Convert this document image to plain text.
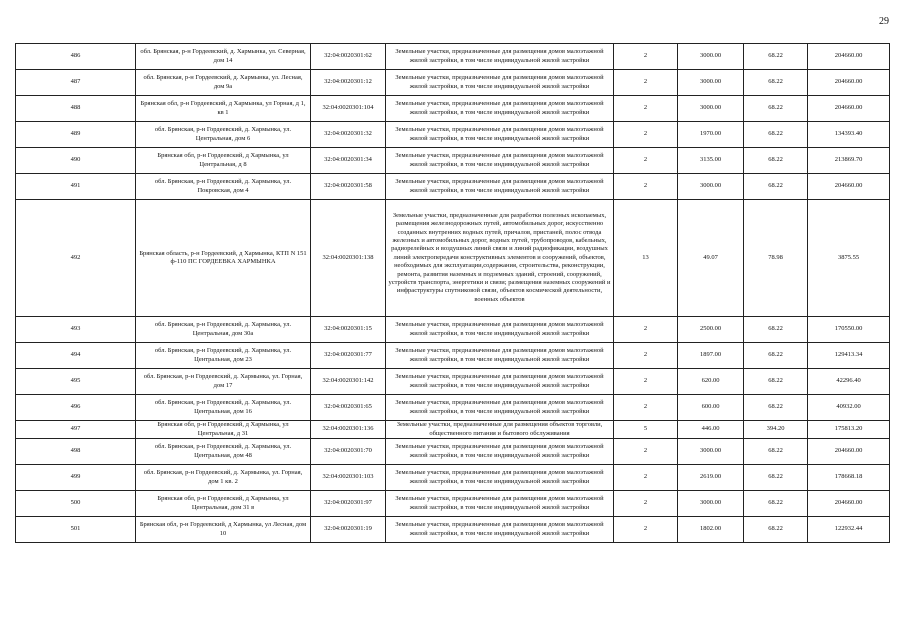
29
486	обл. Брянская, р-н Гордеевский, д. Хармынка, ул. Северная, дом 14	32:04:0020301:62	Земельные участки, предназначенные для размещения домов малоэтажной жилой застройки, в том числе индивидуальной жилой застройки	2	3000.00	68.22	204660.00
487	обл. Брянская, р-н Гордеевский, д. Хармынка, ул. Лесная, дом 9а	32:04:0020301:12	Земельные участки, предназначенные для размещения домов малоэтажной жилой застройки, в том числе индивидуальной жилой застройки	2	3000.00	68.22	204660.00
488	Брянская обл, р-н Гордеевский, д Хармынка, ул Горная, д 1, кв 1	32:04:0020301:104	Земельные участки, предназначенные для размещения домов малоэтажной жилой застройки, в том числе индивидуальной жилой застройки	2	3000.00	68.22	204660.00
489	обл. Брянская, р-н Гордеевский, д. Хармынка, ул. Центральная, дом 6	32:04:0020301:32	Земельные участки, предназначенные для размещения домов малоэтажной жилой застройки, в том числе индивидуальной жилой застройки	2	1970.00	68.22	134393.40
490	Брянская обл, р-н Гордеевский, д Хармынка, ул Центральная, д 8	32:04:0020301:34	Земельные участки, предназначенные для размещения домов малоэтажной жилой застройки, в том числе индивидуальной жилой застройки	2	3135.00	68.22	213869.70
491	обл. Брянская, р-н Гордеевский, д. Хармынка, ул. Покровская, дом 4	32:04:0020301:58	Земельные участки, предназначенные для размещения домов малоэтажной жилой застройки, в том числе индивидуальной жилой застройки	2	3000.00	68.22	204660.00
492	Брянская область, р-н Гордеевский, д Хармынка, КТП N 151 ф-110 ПС ГОРДЕЕВКА ХАРМЫНКА	32:04:0020301:138	Земельные участки, предназначенные для разработки полезных ископаемых, размещения железнодорожных путей, автомобильных дорог, искусственно созданных внутренних водных путей, причалов, пристаней, полос отвода железных и автомобильных дорог, водных путей, трубопроводов, кабельных, радиорелейных и воздушных линий связи и линий радиофикации, воздушных линий электропередачи конструктивных элементов и сооружений, объектов, необходимых для эксплуатации,содержания, строительства, реконструкции, ремонта, развития наземных и подземных зданий, строений, сооружений, устройств транспорта, энергетики и связи; размещения наземных сооружений и инфраструктуры спутниковой связи, объектов космической деятельности, военных объектов	13	49.07	78.98	3875.55
493	обл. Брянская, р-н Гордеевский, д. Хармынка, ул. Центральная, дом 30а	32:04:0020301:15	Земельные участки, предназначенные для размещения домов малоэтажной жилой застройки, в том числе индивидуальной жилой застройки	2	2500.00	68.22	170550.00
494	обл. Брянская, р-н Гордеевский, д. Хармынка, ул. Центральная, дом 23	32:04:0020301:77	Земельные участки, предназначенные для размещения домов малоэтажной жилой застройки, в том числе индивидуальной жилой застройки	2	1897.00	68.22	129413.34
495	обл. Брянская, р-н Гордеевский, д. Хармынка, ул. Горная, дом 17	32:04:0020301:142	Земельные участки, предназначенные для размещения домов малоэтажной жилой застройки, в том числе индивидуальной жилой застройки	2	620.00	68.22	42296.40
496	обл. Брянская, р-н Гордеевский, д. Хармынка, ул. Центральная, дом 16	32:04:0020301:65	Земельные участки, предназначенные для размещения домов малоэтажной жилой застройки, в том числе индивидуальной жилой застройки	2	600.00	68.22	40932.00
497	Брянская обл, р-н Гордеевский, д Хармынка, ул Центральная, д 31	32:04:0020301:136	Земельные участки, предназначенные для размещения объектов торговли, общественного питания и бытового обслуживания	5	446.00	394.20	175813.20
498	обл. Брянская, р-н Гордеевский, д. Хармынка, ул. Центральная, дом 48	32:04:0020301:70	Земельные участки, предназначенные для размещения домов малоэтажной жилой застройки, в том числе индивидуальной жилой застройки	2	3000.00	68.22	204660.00
499	обл. Брянская, р-н Гордеевский, д. Хармынка, ул. Горная, дом 1 кв. 2	32:04:0020301:103	Земельные участки, предназначенные для размещения домов малоэтажной жилой застройки, в том числе индивидуальной жилой застройки	2	2619.00	68.22	178668.18
500	Брянская обл, р-н Гордеевский, д Хармынка, ул Центральная, дом 31 в	32:04:0020301:97	Земельные участки, предназначенные для размещения домов малоэтажной жилой застройки, в том числе индивидуальной жилой застройки	2	3000.00	68.22	204660.00
501	Брянская обл, р-н Гордеевский, д Хармынка, ул Лесная, дом 10	32:04:0020301:19	Земельные участки, предназначенные для размещения домов малоэтажной жилой застройки, в том числе индивидуальной жилой застройки	2	1802.00	68.22	122932.44
